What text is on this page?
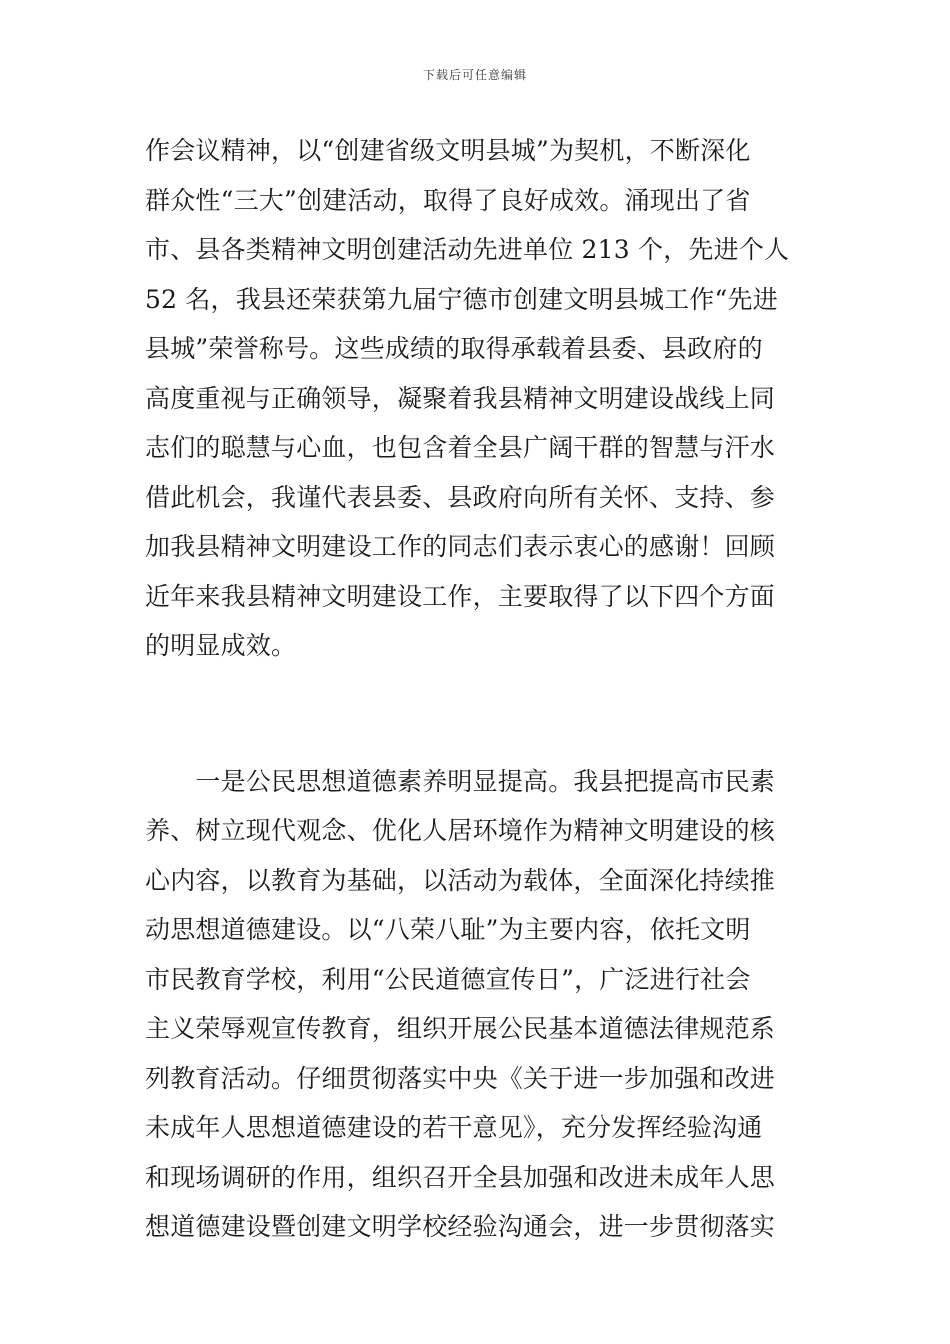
下载后可任意编辑
作会议精神，以“创建省级文明县城”为契机，不断深化
群众性“三大”创建活动，取得了良好成效。涌现出了省
市、县各类精神文明创建活动先进单位 213 个，先进个人
52 名，我县还荣获第九届宁德市创建文明县城工作“先进
县城”荣誉称号。这些成绩的取得承载着县委、县政府的
高度重视与正确领导，凝聚着我县精神文明建设战线上同
志们的聪慧与心血，也包含着全县广阔干群的智慧与汗水
借此机会，我谨代表县委、县政府向所有关怀、支持、参
加我县精神文明建设工作的同志们表示衷心的感谢！回顾
近年来我县精神文明建设工作，主要取得了以下四个方面
的明显成效。
　　一是公民思想道德素养明显提高。我县把提高市民素
养、树立现代观念、优化人居环境作为精神文明建设的核
心内容，以教育为基础，以活动为载体，全面深化持续推
动思想道德建设。以“八荣八耻”为主要内容，依托文明
市民教育学校，利用“公民道德宣传日”，广泛进行社会
主义荣辱观宣传教育，组织开展公民基本道德法律规范系
列教育活动。仔细贯彻落实中央《关于进一步加强和改进
未成年人思想道德建设的若干意见》，充分发挥经验沟通
和现场调研的作用，组织召开全县加强和改进未成年人思
想道德建设暨创建文明学校经验沟通会，进一步贯彻落实
